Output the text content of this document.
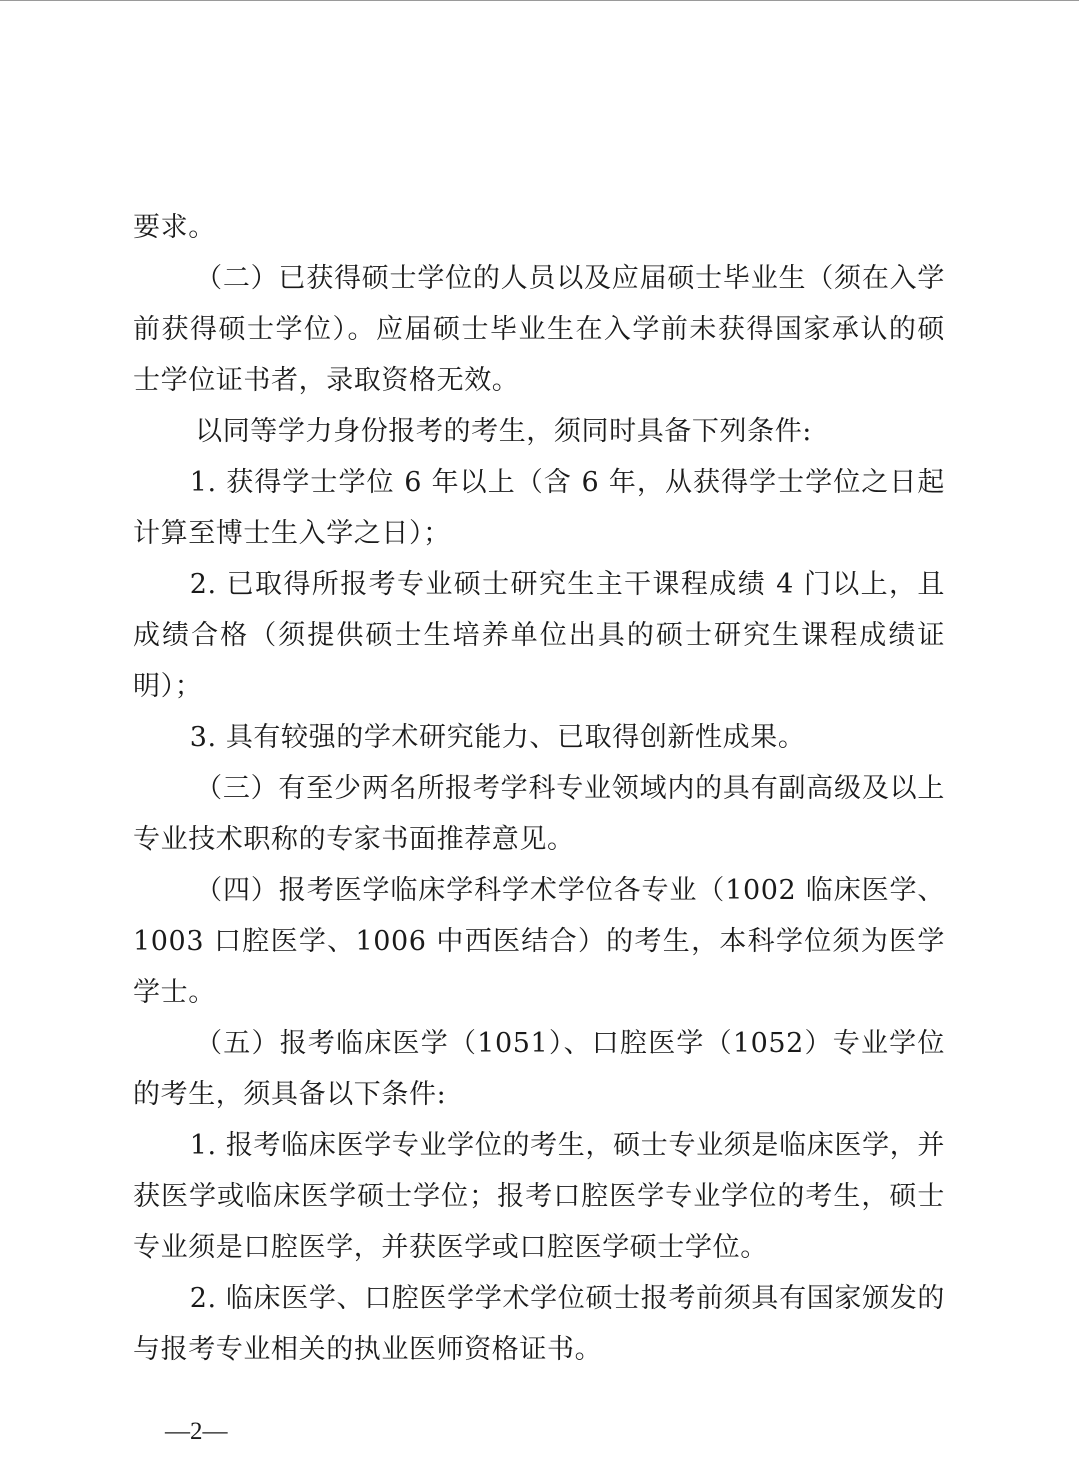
要求。

（二）已获得硕士学位的人员以及应届硕士毕业生（须在入学前获得硕士学位）。应届硕士毕业生在入学前未获得国家承认的硕士学位证书者，录取资格无效。

以同等学力身份报考的考生，须同时具备下列条件:

1. 获得学士学位 6 年以上（含 6 年，从获得学士学位之日起计算至博士生入学之日）；

2. 已取得所报考专业硕士研究生主干课程成绩 4 门以上，且成绩合格（须提供硕士生培养单位出具的硕士研究生课程成绩证明）；

3. 具有较强的学术研究能力、已取得创新性成果。

（三）有至少两名所报考学科专业领域内的具有副高级及以上专业技术职称的专家书面推荐意见。

（四）报考医学临床学科学术学位各专业（1002 临床医学、1003 口腔医学、1006 中西医结合）的考生，本科学位须为医学学士。

（五）报考临床医学（1051）、口腔医学（1052）专业学位的考生，须具备以下条件:

1. 报考临床医学专业学位的考生，硕士专业须是临床医学，并获医学或临床医学硕士学位；报考口腔医学专业学位的考生，硕士专业须是口腔医学，并获医学或口腔医学硕士学位。

2. 临床医学、口腔医学学术学位硕士报考前须具有国家颁发的与报考专业相关的执业医师资格证书。

—2—
